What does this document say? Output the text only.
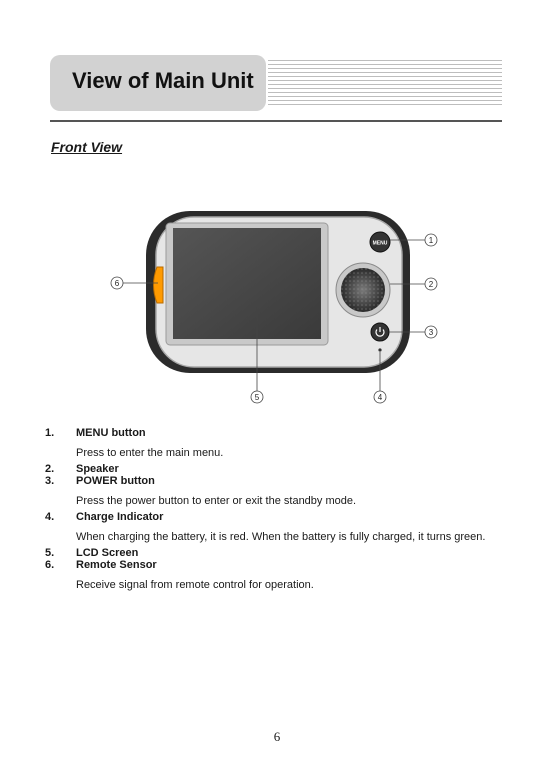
View of Main Unit
Front View
MENU	1
2
3
4
5
6
1.	MENU button
Press to enter the main menu.
2.	Speaker
3.	POWER button
Press the power button to enter or exit the standby mode.
4.	Charge Indicator
When charging the battery, it is red. When the battery is fully charged, it turns green.
5.	LCD Screen
6.	Remote Sensor
Receive signal from remote control for operation.
6
